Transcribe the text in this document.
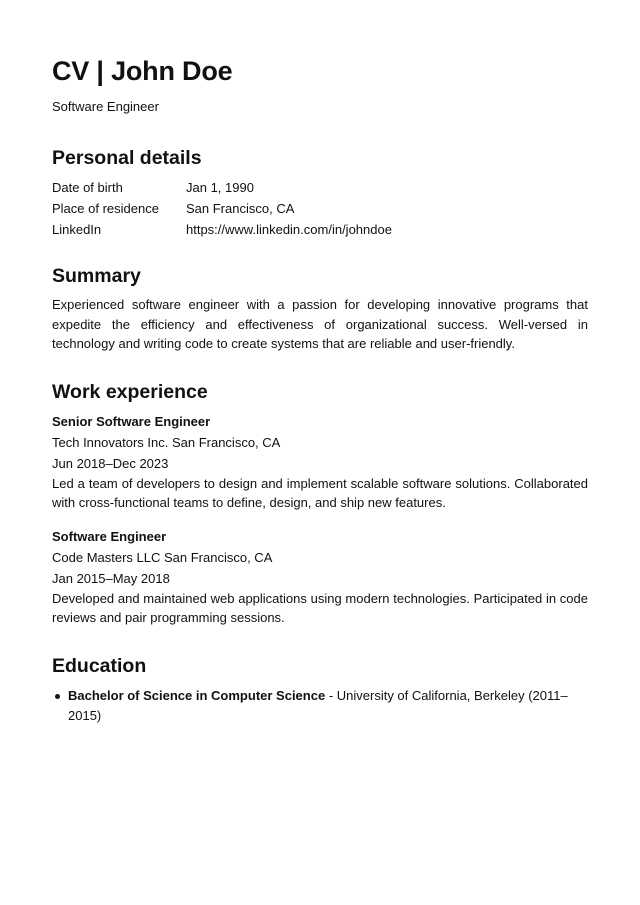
CV | John Doe
Software Engineer
Personal details
Date of birth	Jan 1, 1990
Place of residence	San Francisco, CA
LinkedIn	https://www.linkedin.com/in/johndoe
Summary
Experienced software engineer with a passion for developing innovative programs that expedite the efficiency and effectiveness of organizational success. Well-versed in technology and writing code to create systems that are reliable and user-friendly.
Work experience
Senior Software Engineer
Tech Innovators Inc. San Francisco, CA
Jun 2018–Dec 2023
Led a team of developers to design and implement scalable software solutions. Collaborated with cross-functional teams to define, design, and ship new features.
Software Engineer
Code Masters LLC San Francisco, CA
Jan 2015–May 2018
Developed and maintained web applications using modern technologies. Participated in code reviews and pair programming sessions.
Education
Bachelor of Science in Computer Science - University of California, Berkeley (2011–2015)
